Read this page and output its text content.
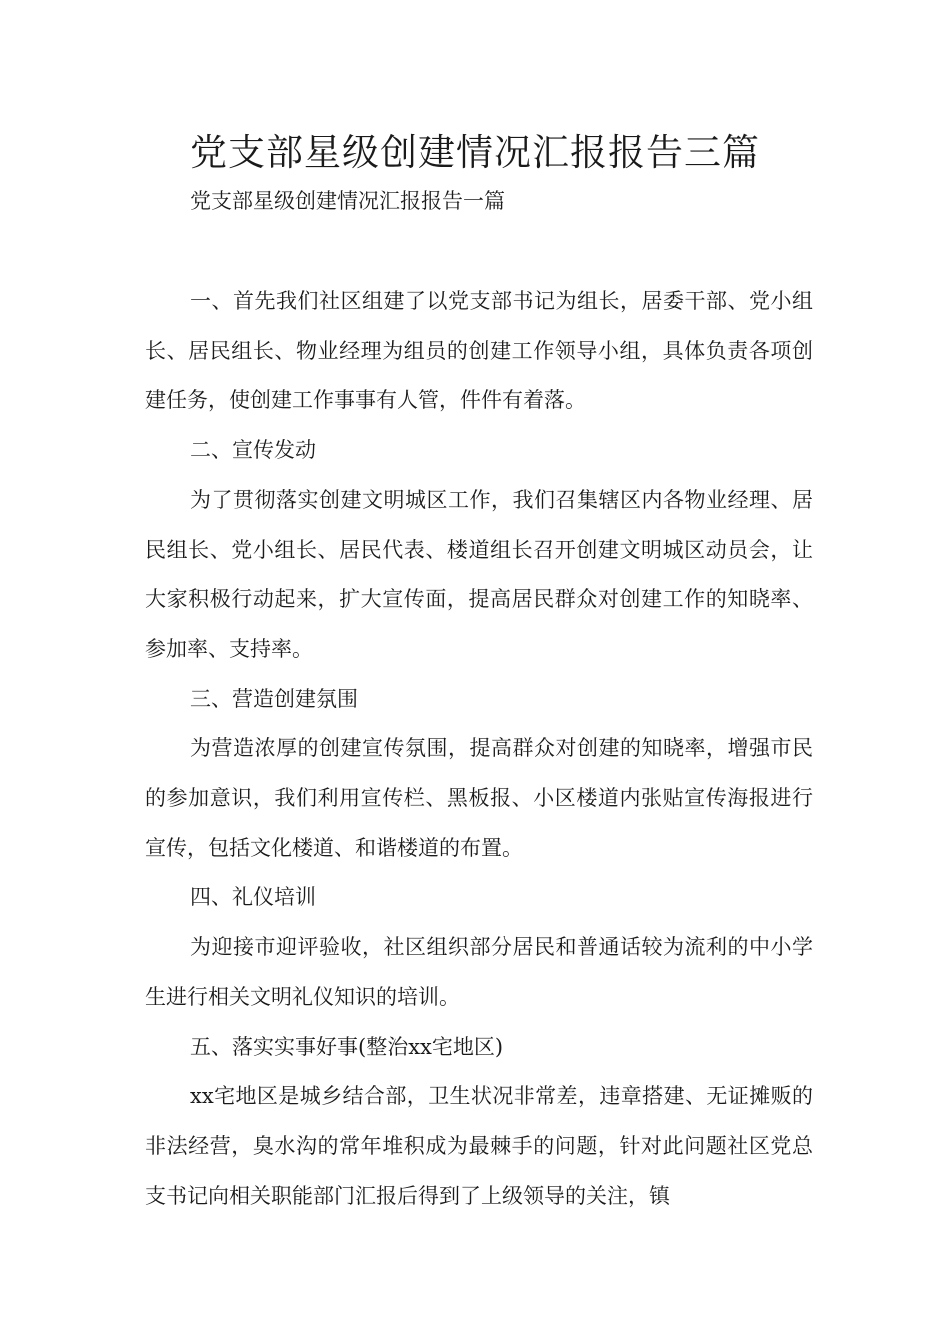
党支部星级创建情况汇报报告三篇

党支部星级创建情况汇报报告一篇

一、首先我们社区组建了以党支部书记为组长，居委干部、党小组长、居民组长、物业经理为组员的创建工作领导小组，具体负责各项创建任务，使创建工作事事有人管，件件有着落。

二、宣传发动

为了贯彻落实创建文明城区工作，我们召集辖区内各物业经理、居民组长、党小组长、居民代表、楼道组长召开创建文明城区动员会，让大家积极行动起来，扩大宣传面，提高居民群众对创建工作的知晓率、参加率、支持率。

三、营造创建氛围

为营造浓厚的创建宣传氛围，提高群众对创建的知晓率，增强市民的参加意识，我们利用宣传栏、黑板报、小区楼道内张贴宣传海报进行宣传，包括文化楼道、和谐楼道的布置。

四、礼仪培训

为迎接市迎评验收，社区组织部分居民和普通话较为流利的中小学生进行相关文明礼仪知识的培训。

五、落实实事好事(整治xx宅地区)

xx宅地区是城乡结合部，卫生状况非常差，违章搭建、无证摊贩的非法经营，臭水沟的常年堆积成为最棘手的问题，针对此问题社区党总支书记向相关职能部门汇报后得到了上级领导的关注，镇
